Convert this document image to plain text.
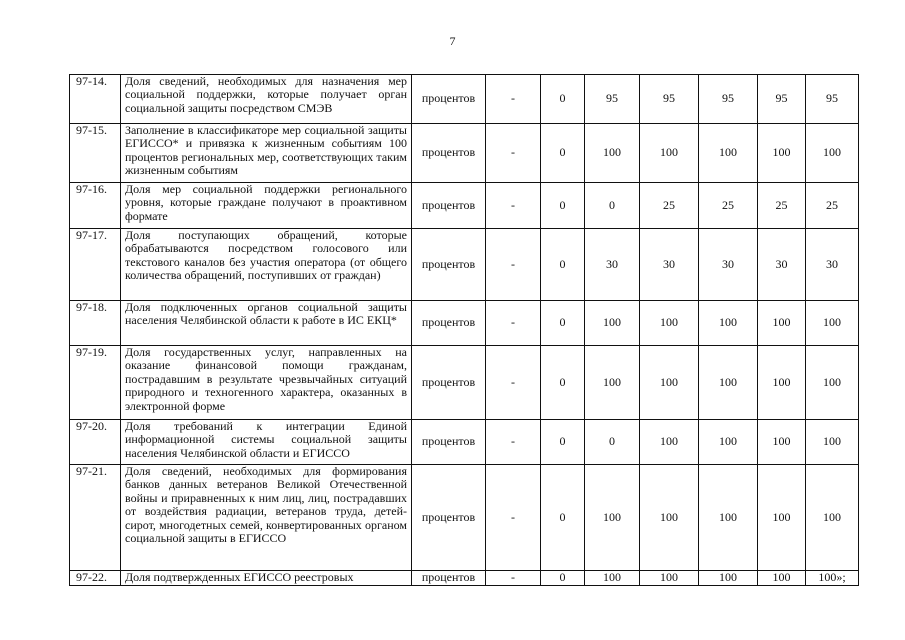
7
97-14.	Доля сведений, необходимых для назначения мер социальной поддержки, которые получает орган социальной защиты посредством СМЭВ	процентов	-	0	95	95	95	95	95
97-15.	Заполнение в классификаторе мер социальной защиты ЕГИССО* и привязка к жизненным событиям 100 процентов региональных мер, соответствующих таким жизненным событиям	процентов	-	0	100	100	100	100	100
97-16.	Доля мер социальной поддержки регионального уровня, которые граждане получают в проактивном формате	процентов	-	0	0	25	25	25	25
97-17.	Доля поступающих обращений, которые обрабатываются посредством голосового или текстового каналов без участия оператора (от общего количества обращений, поступивших от граждан)	процентов	-	0	30	30	30	30	30
97-18.	Доля подключенных органов социальной защиты населения Челябинской области к работе в ИС ЕКЦ*	процентов	-	0	100	100	100	100	100
97-19.	Доля государственных услуг, направленных на оказание финансовой помощи гражданам, пострадавшим в результате чрезвычайных ситуаций природного и техногенного характера, оказанных в электронной форме	процентов	-	0	100	100	100	100	100
97-20.	Доля требований к интеграции Единой информационной системы социальной защиты населения Челябинской области и ЕГИССО	процентов	-	0	0	100	100	100	100
97-21.	Доля сведений, необходимых для формирования банков данных ветеранов Великой Отечественной войны и приравненных к ним лиц, лиц, пострадавших от воздействия радиации, ветеранов труда, детей-сирот, многодетных семей, конвертированных органом социальной защиты в ЕГИССО	процентов	-	0	100	100	100	100	100
97-22.	Доля подтвержденных ЕГИССО реестровых	процентов	-	0	100	100	100	100	100»;
